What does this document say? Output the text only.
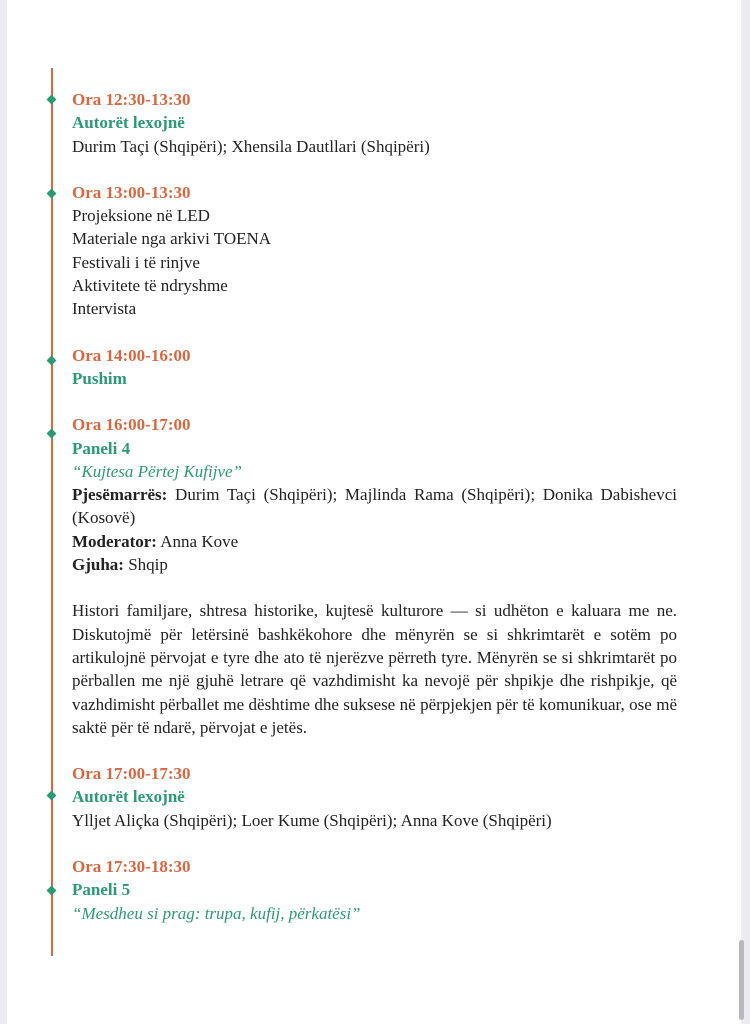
Ora 12:30-13:30
Autorët lexojnë
Durim Taçi (Shqipëri); Xhensila Dautllari (Shqipëri)
Ora 13:00-13:30
Projeksione në LED
Materiale nga arkivi TOENA
Festivali i të rinjve
Aktivitete të ndryshme
Intervista
Ora 14:00-16:00
Pushim
Ora 16:00-17:00
Paneli 4
“Kujtesa Përtej Kufijve”
Pjesëmarrës: Durim Taçi (Shqipëri); Majlinda Rama (Shqipëri); Donika Dabishevci (Kosovë)
Moderator: Anna Kove
Gjuha: Shqip
Histori familjare, shtresa historike, kujtesë kulturore — si udhëton e kaluara me ne. Diskutojmë për letërsinë bashkëkohore dhe mënyrën se si shkrimtarët e sotëm po artikulojnë përvojat e tyre dhe ato të njerëzve përreth tyre. Mënyrën se si shkrimtarët po përballen me një gjuhë letrare që vazhdimisht ka nevojë për shpikje dhe rishpikje, që vazhdimisht përballet me dështime dhe suksese në përpjekjen për të komunikuar, ose më saktë për të ndarë, përvojat e jetës.
Ora 17:00-17:30
Autorët lexojnë
Ylljet Aliçka (Shqipëri); Loer Kume (Shqipëri); Anna Kove (Shqipëri)
Ora 17:30-18:30
Paneli 5
“Mesdheu si prag: trupa, kufij, përkatësi”
